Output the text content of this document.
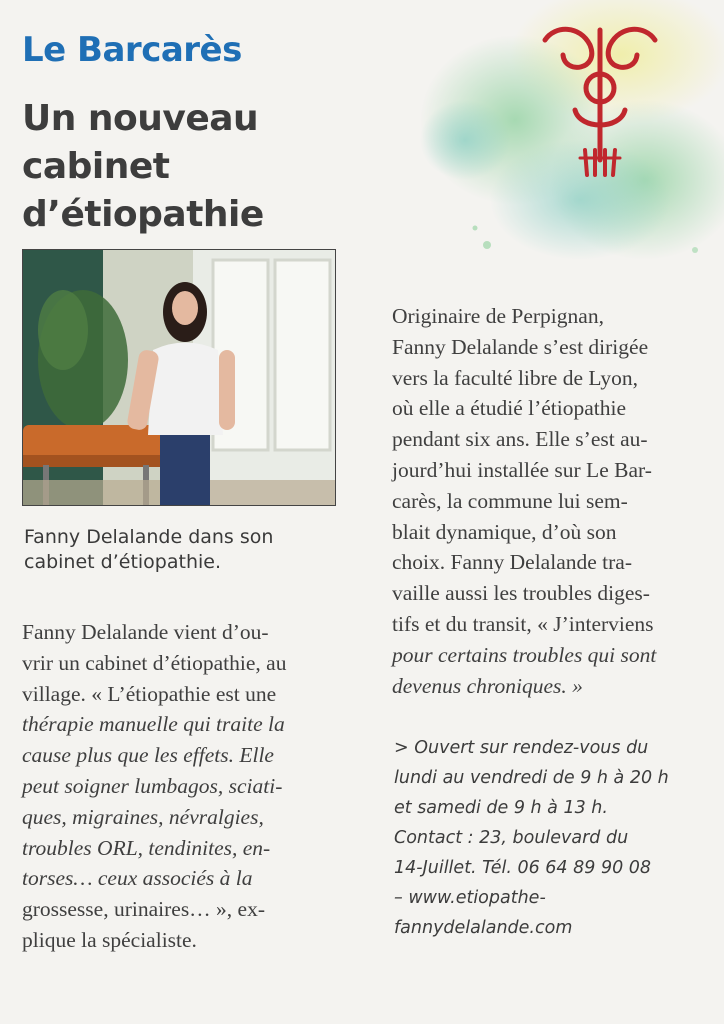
Le Barcarès
Un nouveau
cabinet
d’étiopathie
Fanny Delalande dans son
cabinet d’étiopathie.
Fanny Delalande vient d’ou-
vrir un cabinet d’étiopathie, au
village. « L’étiopathie est une
thérapie manuelle qui traite la
cause plus que les effets. Elle
peut soigner lumbagos, sciati-
ques, migraines, névralgies,
troubles ORL, tendinites, en-
torses… ceux associés à la
grossesse, urinaires… », ex-
plique la spécialiste.
Originaire de Perpignan,
Fanny Delalande s’est dirigée
vers la faculté libre de Lyon,
où elle a étudié l’étiopathie
pendant six ans. Elle s’est au-
jourd’hui installée sur Le Bar-
carès, la commune lui sem-
blait dynamique, d’où son
choix. Fanny Delalande tra-
vaille aussi les troubles diges-
tifs et du transit, « J’interviens
pour certains troubles qui sont
devenus chroniques. »
> Ouvert sur rendez-vous du
lundi au vendredi de 9 h à 20 h
et samedi de 9 h à 13 h.
Contact : 23, boulevard du
14-Juillet. Tél. 06 64 89 90 08
– www.etiopathe-
fannydelalande.com
